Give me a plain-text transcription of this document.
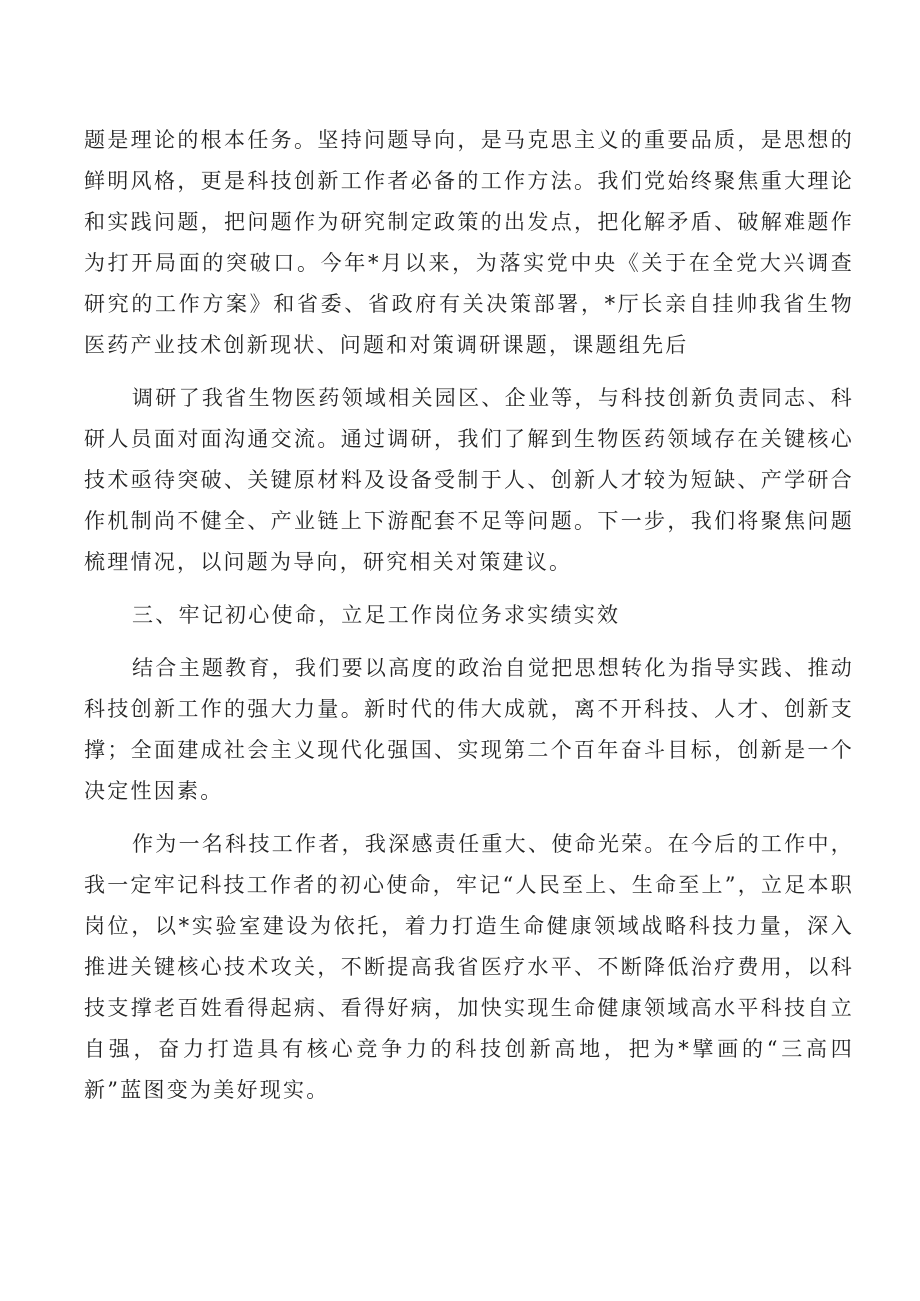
题是理论的根本任务。坚持问题导向，是马克思主义的重要品质，是思想的鲜明风格，更是科技创新工作者必备的工作方法。我们党始终聚焦重大理论和实践问题，把问题作为研究制定政策的出发点，把化解矛盾、破解难题作为打开局面的突破口。今年*月以来，为落实党中央《关于在全党大兴调查研究的工作方案》和省委、省政府有关决策部署，*厅长亲自挂帅我省生物医药产业技术创新现状、问题和对策调研课题，课题组先后

调研了我省生物医药领域相关园区、企业等，与科技创新负责同志、科研人员面对面沟通交流。通过调研，我们了解到生物医药领域存在关键核心技术亟待突破、关键原材料及设备受制于人、创新人才较为短缺、产学研合作机制尚不健全、产业链上下游配套不足等问题。下一步，我们将聚焦问题梳理情况，以问题为导向，研究相关对策建议。

三、牢记初心使命，立足工作岗位务求实绩实效

结合主题教育，我们要以高度的政治自觉把思想转化为指导实践、推动科技创新工作的强大力量。新时代的伟大成就，离不开科技、人才、创新支撑；全面建成社会主义现代化强国、实现第二个百年奋斗目标，创新是一个决定性因素。

作为一名科技工作者，我深感责任重大、使命光荣。在今后的工作中，我一定牢记科技工作者的初心使命，牢记“人民至上、生命至上”，立足本职岗位，以*实验室建设为依托，着力打造生命健康领域战略科技力量，深入推进关键核心技术攻关，不断提高我省医疗水平、不断降低治疗费用，以科技支撑老百姓看得起病、看得好病，加快实现生命健康领域高水平科技自立自强，奋力打造具有核心竞争力的科技创新高地，把为*擘画的“三高四新”蓝图变为美好现实。
